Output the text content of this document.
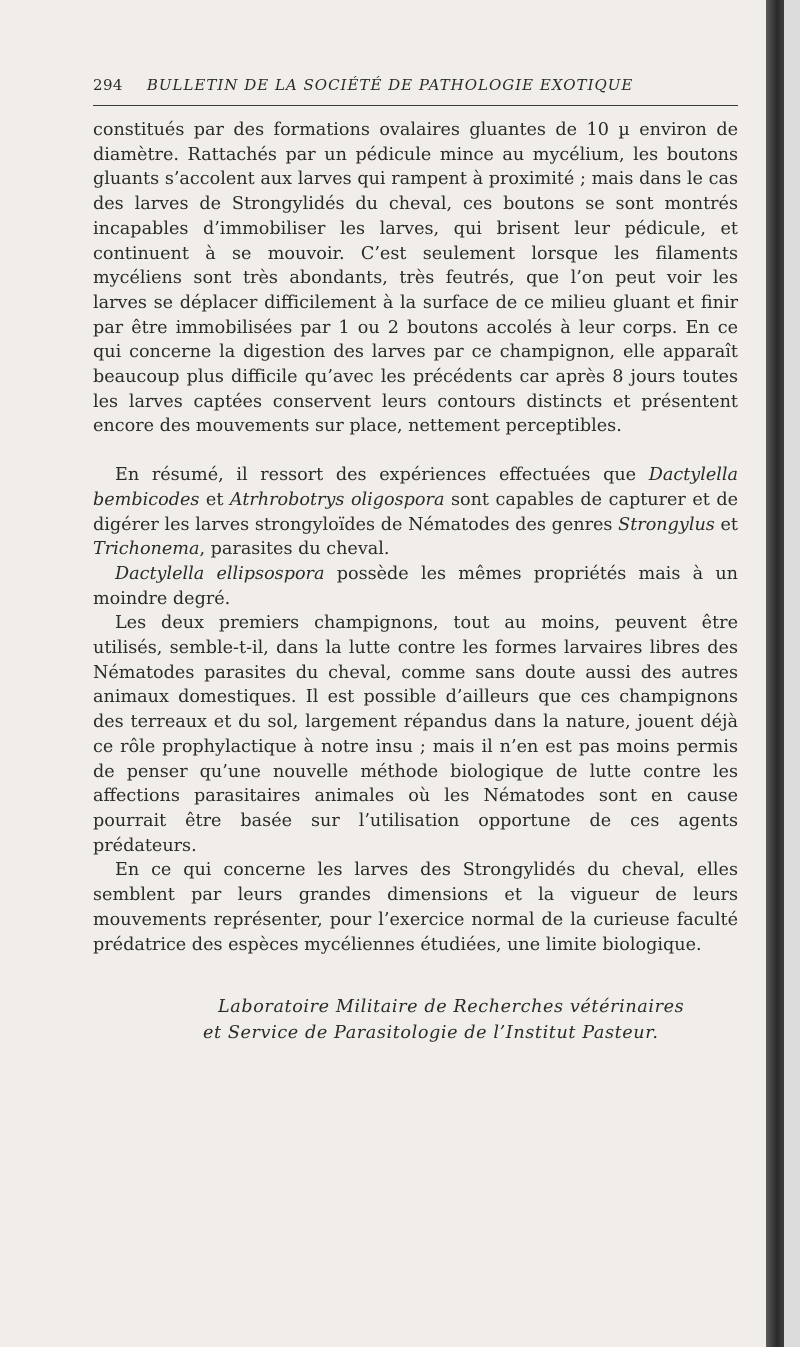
294 BULLETIN DE LA SOCIÉTÉ DE PATHOLOGIE EXOTIQUE

constitués par des formations ovalaires gluantes de 10 µ environ de diamètre. Rattachés par un pédicule mince au mycélium, les boutons gluants s’accolent aux larves qui rampent à proximité ; mais dans le cas des larves de Strongylidés du cheval, ces boutons se sont montrés incapables d’immobiliser les larves, qui brisent leur pédicule, et continuent à se mouvoir. C’est seulement lorsque les filaments mycéliens sont très abondants, très feutrés, que l’on peut voir les larves se déplacer difficilement à la surface de ce milieu gluant et finir par être immobilisées par 1 ou 2 boutons accolés à leur corps. En ce qui concerne la digestion des larves par ce champignon, elle apparaît beaucoup plus difficile qu’avec les précédents car après 8 jours toutes les larves captées conservent leurs contours distincts et présentent encore des mouvements sur place, nettement perceptibles.

En résumé, il ressort des expériences effectuées que Dactylella bembicodes et Atrhrobotrys oligospora sont capables de capturer et de digérer les larves strongyloïdes de Nématodes des genres Strongylus et Trichonema, parasites du cheval.

Dactylella ellipsospora possède les mêmes propriétés mais à un moindre degré.

Les deux premiers champignons, tout au moins, peuvent être utilisés, semble-t-il, dans la lutte contre les formes larvaires libres des Nématodes parasites du cheval, comme sans doute aussi des autres animaux domestiques. Il est possible d’ailleurs que ces champignons des terreaux et du sol, largement répandus dans la nature, jouent déjà ce rôle prophylactique à notre insu ; mais il n’en est pas moins permis de penser qu’une nouvelle méthode biologique de lutte contre les affections parasitaires animales où les Nématodes sont en cause pourrait être basée sur l’utilisation opportune de ces agents prédateurs.

En ce qui concerne les larves des Strongylidés du cheval, elles semblent par leurs grandes dimensions et la vigueur de leurs mouvements représenter, pour l’exercice normal de la curieuse faculté prédatrice des espèces mycéliennes étudiées, une limite biologique.

Laboratoire Militaire de Recherches vétérinaires
et Service de Parasitologie de l’Institut Pasteur.
